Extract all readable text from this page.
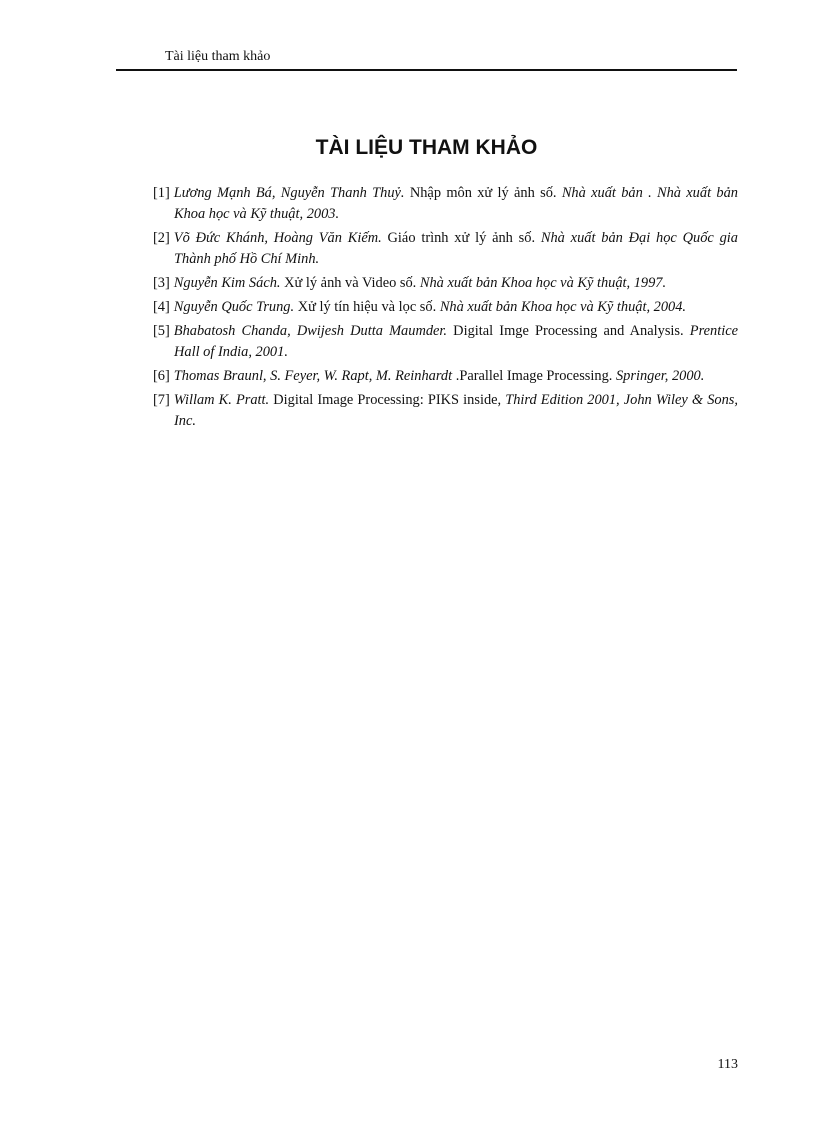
Tài liệu tham khảo
TÀI LIỆU THAM KHẢO
[1] Lương Mạnh Bá, Nguyễn Thanh Thuỷ. Nhập môn xử lý ảnh số. Nhà xuất bản . Nhà xuất bản Khoa học và Kỹ thuật, 2003.
[2] Võ Đức Khánh, Hoàng Văn Kiếm. Giáo trình xử lý ảnh số. Nhà xuất bản Đại học Quốc gia Thành phố Hồ Chí Minh.
[3] Nguyễn Kim Sách. Xử lý ảnh và Video số. Nhà xuất bản Khoa học và Kỹ thuật, 1997.
[4] Nguyễn Quốc Trung. Xử lý tín hiệu và lọc số. Nhà xuất bản Khoa học và Kỹ thuật, 2004.
[5] Bhabatosh Chanda, Dwijesh Dutta Maumder. Digital Imge Processing and Analysis. Prentice Hall of India, 2001.
[6] Thomas Braunl, S. Feyer, W. Rapt, M. Reinhardt .Parallel Image Processing. Springer, 2000.
[7] Willam K. Pratt. Digital Image Processing: PIKS inside, Third Edition 2001, John Wiley & Sons, Inc.
113
